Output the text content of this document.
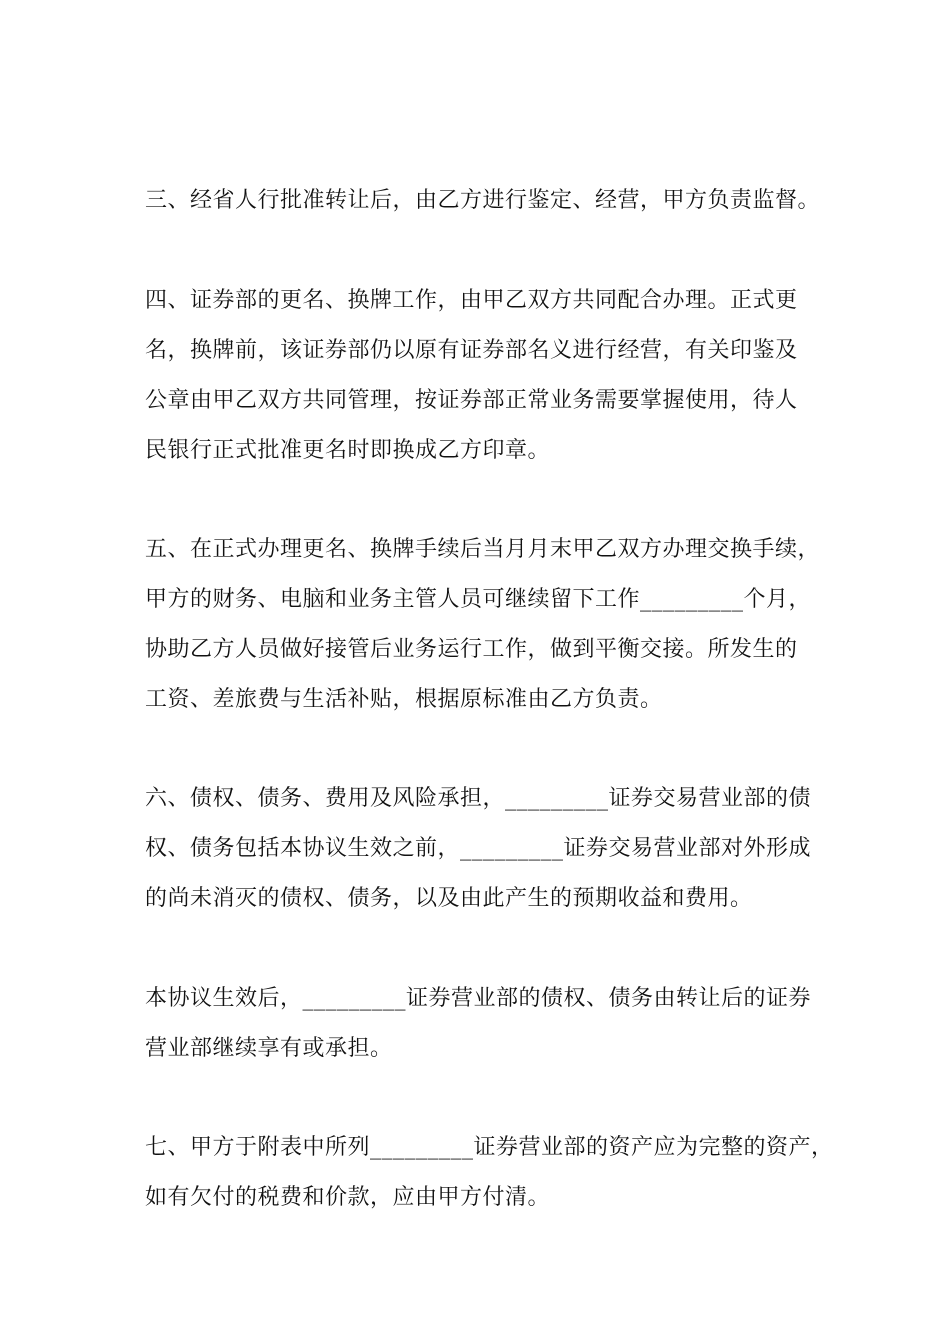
三、经省人行批准转让后，由乙方进行鉴定、经营，甲方负责监督。
四、证券部的更名、换牌工作，由甲乙双方共同配合办理。正式更
名，换牌前，该证券部仍以原有证券部名义进行经营，有关印鉴及
公章由甲乙双方共同管理，按证券部正常业务需要掌握使用，待人
民银行正式批准更名时即换成乙方印章。
五、在正式办理更名、换牌手续后当月月末甲乙双方办理交换手续，
甲方的财务、电脑和业务主管人员可继续留下工作_________个月，
协助乙方人员做好接管后业务运行工作，做到平衡交接。所发生的
工资、差旅费与生活补贴，根据原标准由乙方负责。
六、债权、债务、费用及风险承担，_________证券交易营业部的债
权、债务包括本协议生效之前，_________证券交易营业部对外形成
的尚未消灭的债权、债务，以及由此产生的预期收益和费用。
本协议生效后，_________证券营业部的债权、债务由转让后的证券
营业部继续享有或承担。
七、甲方于附表中所列_________证券营业部的资产应为完整的资产，
如有欠付的税费和价款，应由甲方付清。
